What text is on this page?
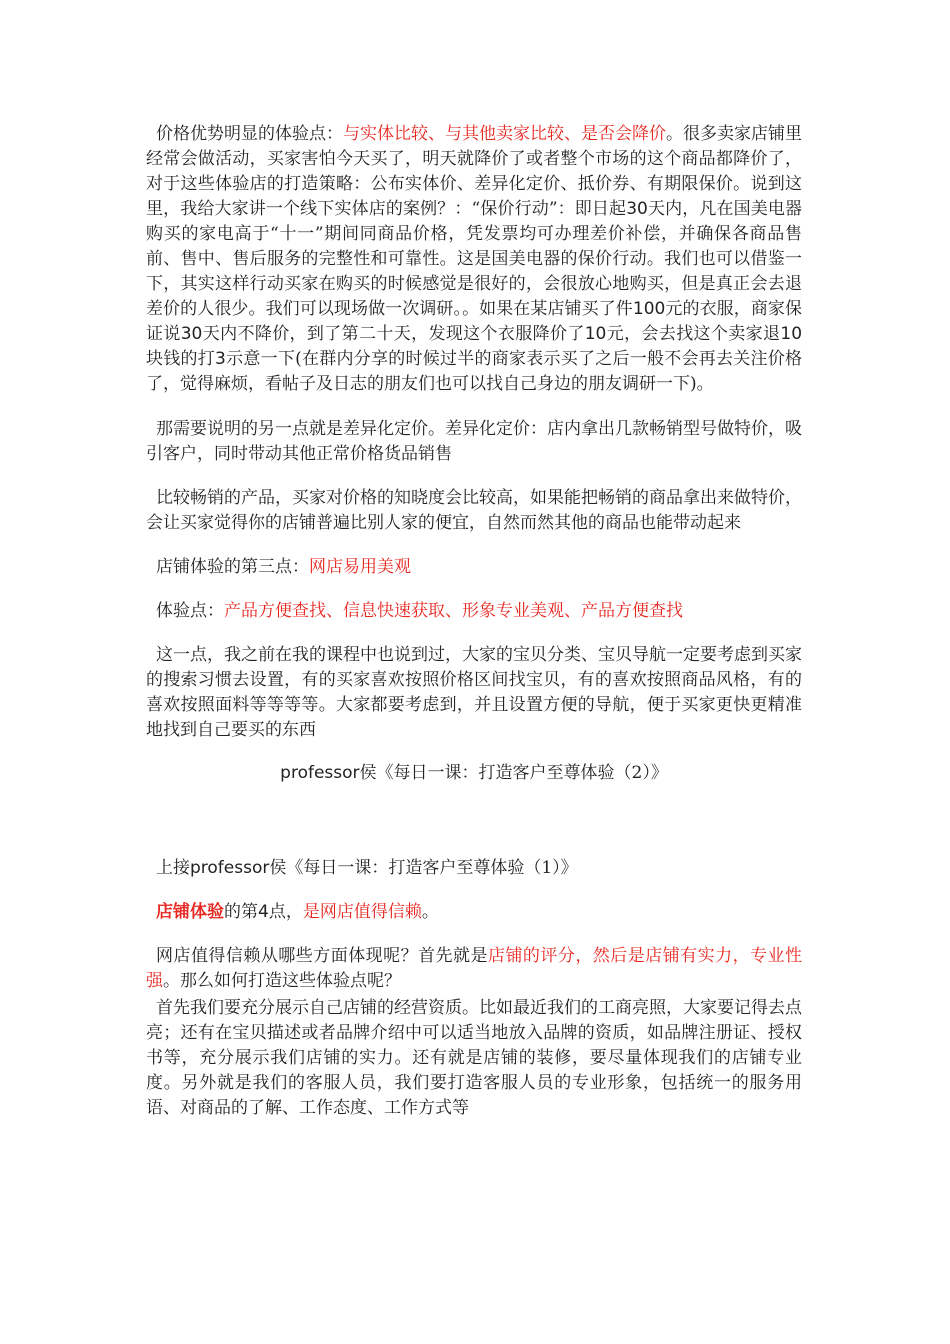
价格优势明显的体验点：与实体比较、与其他卖家比较、是否会降价。很多卖家店铺里经常会做活动，买家害怕今天买了，明天就降价了或者整个市场的这个商品都降价了，对于这些体验店的打造策略：公布实体价、差异化定价、抵价券、有期限保价。说到这里，我给大家讲一个线下实体店的案例？：“保价行动”：即日起30天内，凡在国美电器购买的家电高于“十一”期间同商品价格，凭发票均可办理差价补偿，并确保各商品售前、售中、售后服务的完整性和可靠性。这是国美电器的保价行动。我们也可以借鉴一下，其实这样行动买家在购买的时候感觉是很好的，会很放心地购买，但是真正会去退差价的人很少。我们可以现场做一次调研。。如果在某店铺买了件100元的衣服，商家保证说30天内不降价，到了第二十天，发现这个衣服降价了10元，会去找这个卖家退10块钱的打3示意一下(在群内分享的时候过半的商家表示买了之后一般不会再去关注价格了，觉得麻烦，看帖子及日志的朋友们也可以找自己身边的朋友调研一下)。

那需要说明的另一点就是差异化定价。差异化定价：店内拿出几款畅销型号做特价，吸引客户，同时带动其他正常价格货品销售

比较畅销的产品，买家对价格的知晓度会比较高，如果能把畅销的商品拿出来做特价，会让买家觉得你的店铺普遍比别人家的便宜，自然而然其他的商品也能带动起来

店铺体验的第三点：网店易用美观

体验点：产品方便查找、信息快速获取、形象专业美观、产品方便查找

这一点，我之前在我的课程中也说到过，大家的宝贝分类、宝贝导航一定要考虑到买家的搜索习惯去设置，有的买家喜欢按照价格区间找宝贝，有的喜欢按照商品风格，有的喜欢按照面料等等等等。大家都要考虑到，并且设置方便的导航，便于买家更快更精准地找到自己要买的东西

professor侯《每日一课：打造客户至尊体验（2）》

上接professor侯《每日一课：打造客户至尊体验（1）》

店铺体验的第4点，是网店值得信赖。

网店值得信赖从哪些方面体现呢？首先就是店铺的评分，然后是店铺有实力，专业性强。那么如何打造这些体验点呢？

首先我们要充分展示自己店铺的经营资质。比如最近我们的工商亮照，大家要记得去点亮；还有在宝贝描述或者品牌介绍中可以适当地放入品牌的资质，如品牌注册证、授权书等，充分展示我们店铺的实力。还有就是店铺的装修，要尽量体现我们的店铺专业度。另外就是我们的客服人员，我们要打造客服人员的专业形象，包括统一的服务用语、对商品的了解、工作态度、工作方式等
